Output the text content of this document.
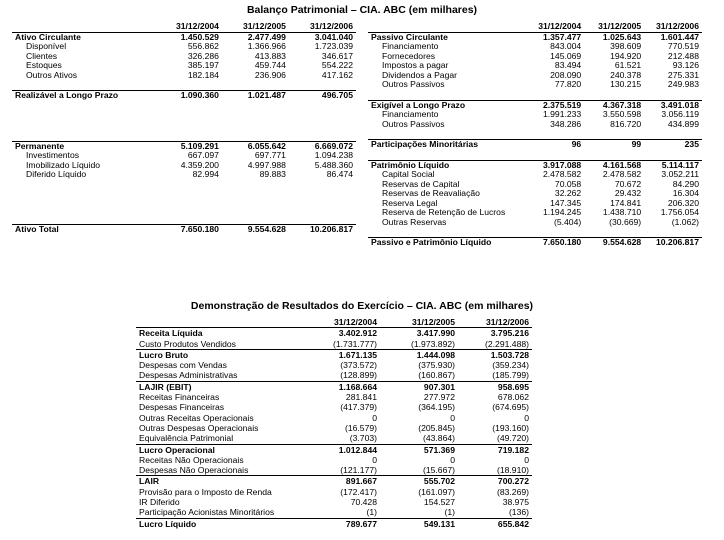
Balanço Patrimonial – CIA. ABC (em milhares)
	31/12/2004	31/12/2005	31/12/2006
Ativo Circulante	1.450.529	2.477.499	3.041.040
Disponível	556.862	1.366.966	1.723.039
Clientes	326.286	413.883	346.617
Estoques	385.197	459.744	554.222
Outros Ativos	182.184	236.906	417.162

Realizável a Longo Prazo	1.090.360	1.021.487	496.705

Permanente	5.109.291	6.055.642	6.669.072
Investimentos	667.097	697.771	1.094.238
Imobilizado Líquido	4.359.200	4.997.988	5.488.360
Diferido Líquido	82.994	89.883	86.474

Ativo Total	7.650.180	9.554.628	10.206.817
	31/12/2004	31/12/2005	31/12/2006
Passivo Circulante	1.357.477	1.025.643	1.601.447
Financiamento	843.004	398.609	770.519
Fornecedores	145.069	194.920	212.488
Impostos a pagar	83.494	61.521	93.126
Dividendos a Pagar	208.090	240.378	275.331
Outros Passivos	77.820	130.215	249.983

Exigível a Longo Prazo	2.375.519	4.367.318	3.491.018
Financiamento	1.991.233	3.550.598	3.056.119
Outros Passivos	348.286	816.720	434.899

Participações Minoritárias	96	99	235

Patrimônio Líquido	3.917.088	4.161.568	5.114.117
Capital Social	2.478.582	2.478.582	3.052.211
Reservas de Capital	70.058	70.672	84.290
Reservas de Reavaliação	32.262	29.432	16.304
Reserva Legal	147.345	174.841	206.320
Reserva de Retenção de Lucros	1.194.245	1.438.710	1.756.054
Outras Reservas	(5.404)	(30.669)	(1.062)

Passivo e Patrimônio Líquido	7.650.180	9.554.628	10.206.817
Demonstração de Resultados do Exercício – CIA. ABC (em milhares)
	31/12/2004	31/12/2005	31/12/2006
Receita Líquida	3.402.912	3.417.990	3.795.216
Custo Produtos Vendidos	(1.731.777)	(1.973.892)	(2.291.488)
Lucro Bruto	1.671.135	1.444.098	1.503.728
Despesas com Vendas	(373.572)	(375.930)	(359.234)
Despesas Administrativas	(128.899)	(160.867)	(185.799)
LAJIR (EBIT)	1.168.664	907.301	958.695
Receitas Financeiras	281.841	277.972	678.062
Despesas Financeiras	(417.379)	(364.195)	(674.695)
Outras Receitas Operacionais	0	0	0
Outras Despesas Operacionais	(16.579)	(205.845)	(193.160)
Equivalência Patrimonial	(3.703)	(43.864)	(49.720)
Lucro Operacional	1.012.844	571.369	719.182
Receitas Não Operacionais	0	0	0
Despesas Não Operacionais	(121.177)	(15.667)	(18.910)
LAIR	891.667	555.702	700.272
Provisão para o Imposto de Renda	(172.417)	(161.097)	(83.269)
IR Diferido	70.428	154.527	38.975
Participação Acionistas Minoritários	(1)	(1)	(136)
Lucro Líquido	789.677	549.131	655.842
